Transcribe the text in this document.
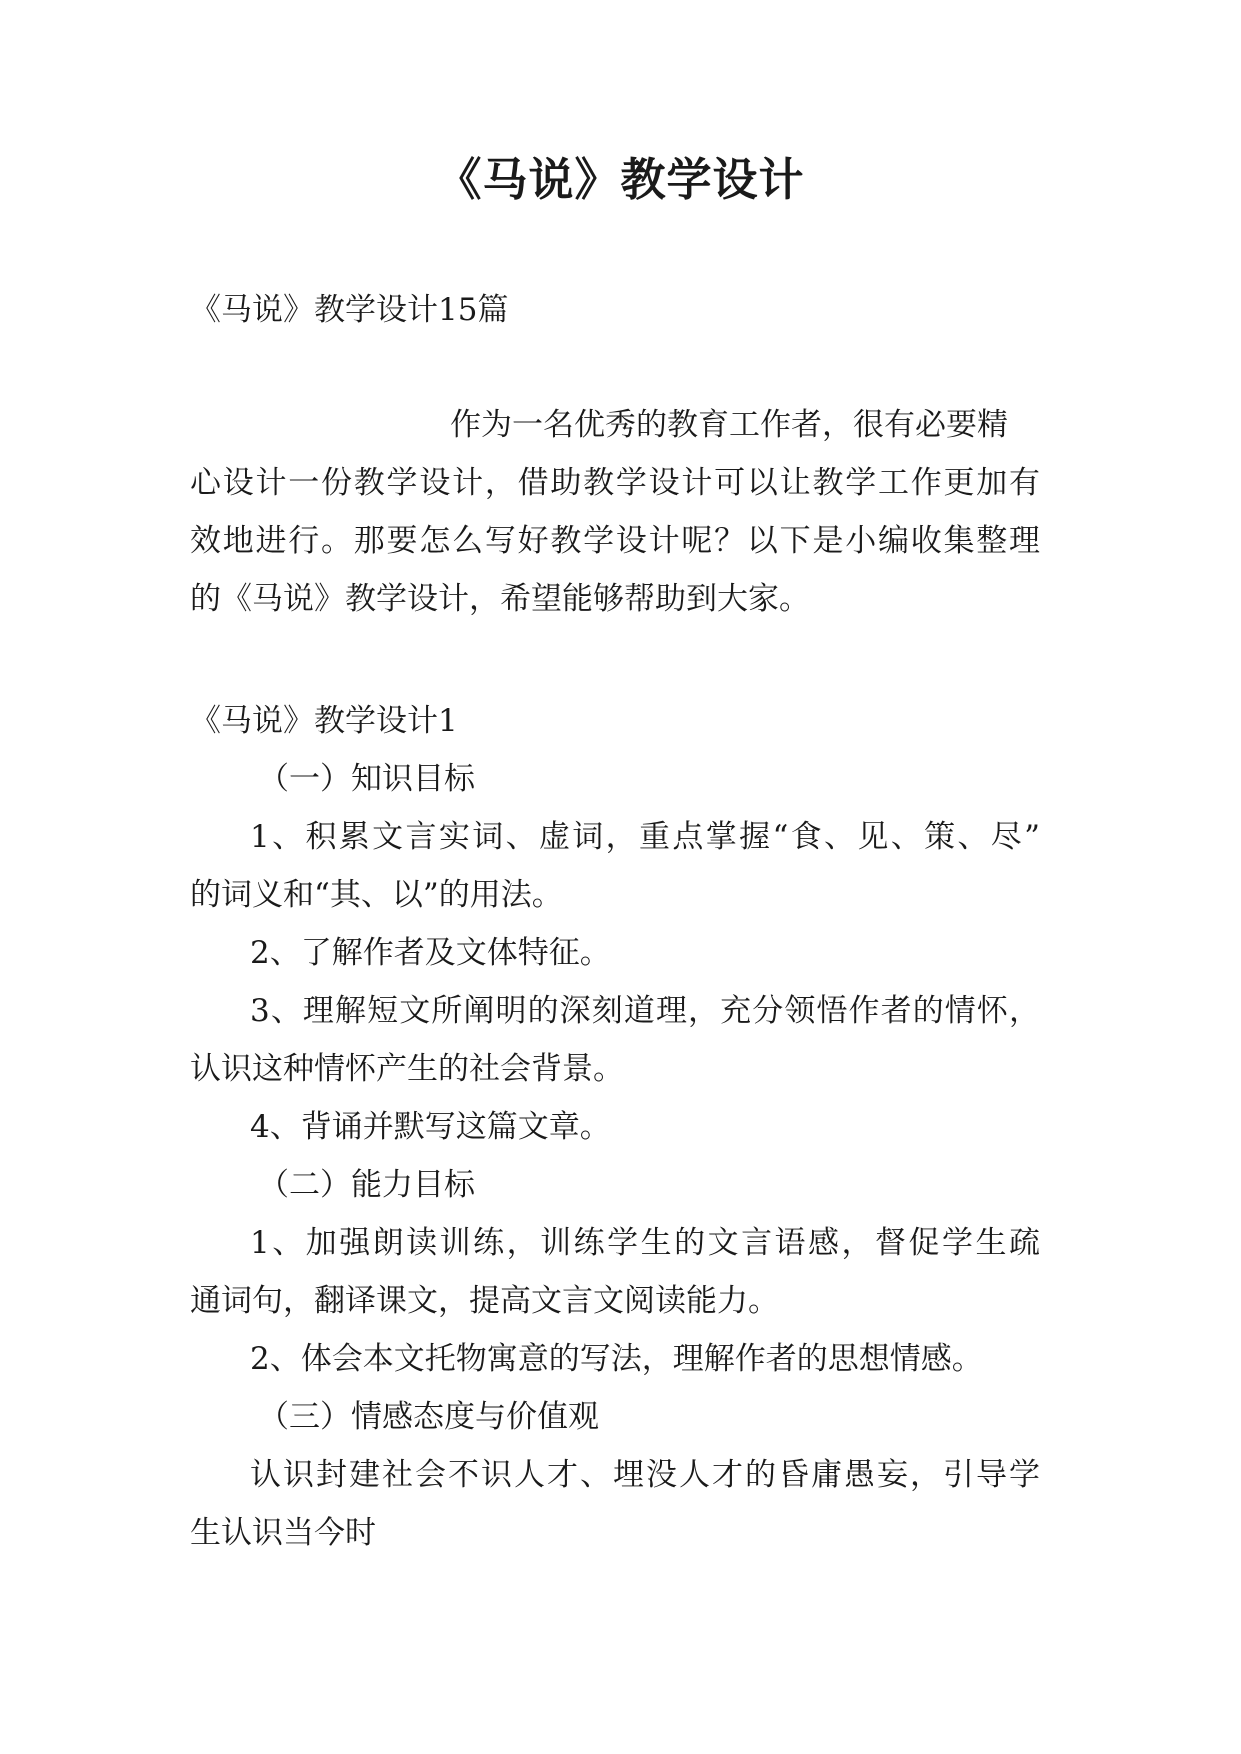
《马说》教学设计
《马说》教学设计15篇
作为一名优秀的教育工作者，很有必要精
心设计一份教学设计，借助教学设计可以让教学工作更加有
效地进行。那要怎么写好教学设计呢？以下是小编收集整理
的《马说》教学设计，希望能够帮助到大家。
《马说》教学设计1
（一）知识目标
1、积累文言实词、虚词，重点掌握“食、见、策、尽”
的词义和“其、以”的用法。
2、了解作者及文体特征。
3、理解短文所阐明的深刻道理，充分领悟作者的情怀，
认识这种情怀产生的社会背景。
4、背诵并默写这篇文章。
（二）能力目标
1、加强朗读训练，训练学生的文言语感，督促学生疏
通词句，翻译课文，提高文言文阅读能力。
2、体会本文托物寓意的写法，理解作者的思想情感。
（三）情感态度与价值观
认识封建社会不识人才、埋没人才的昏庸愚妄，引导学
生认识当今时
